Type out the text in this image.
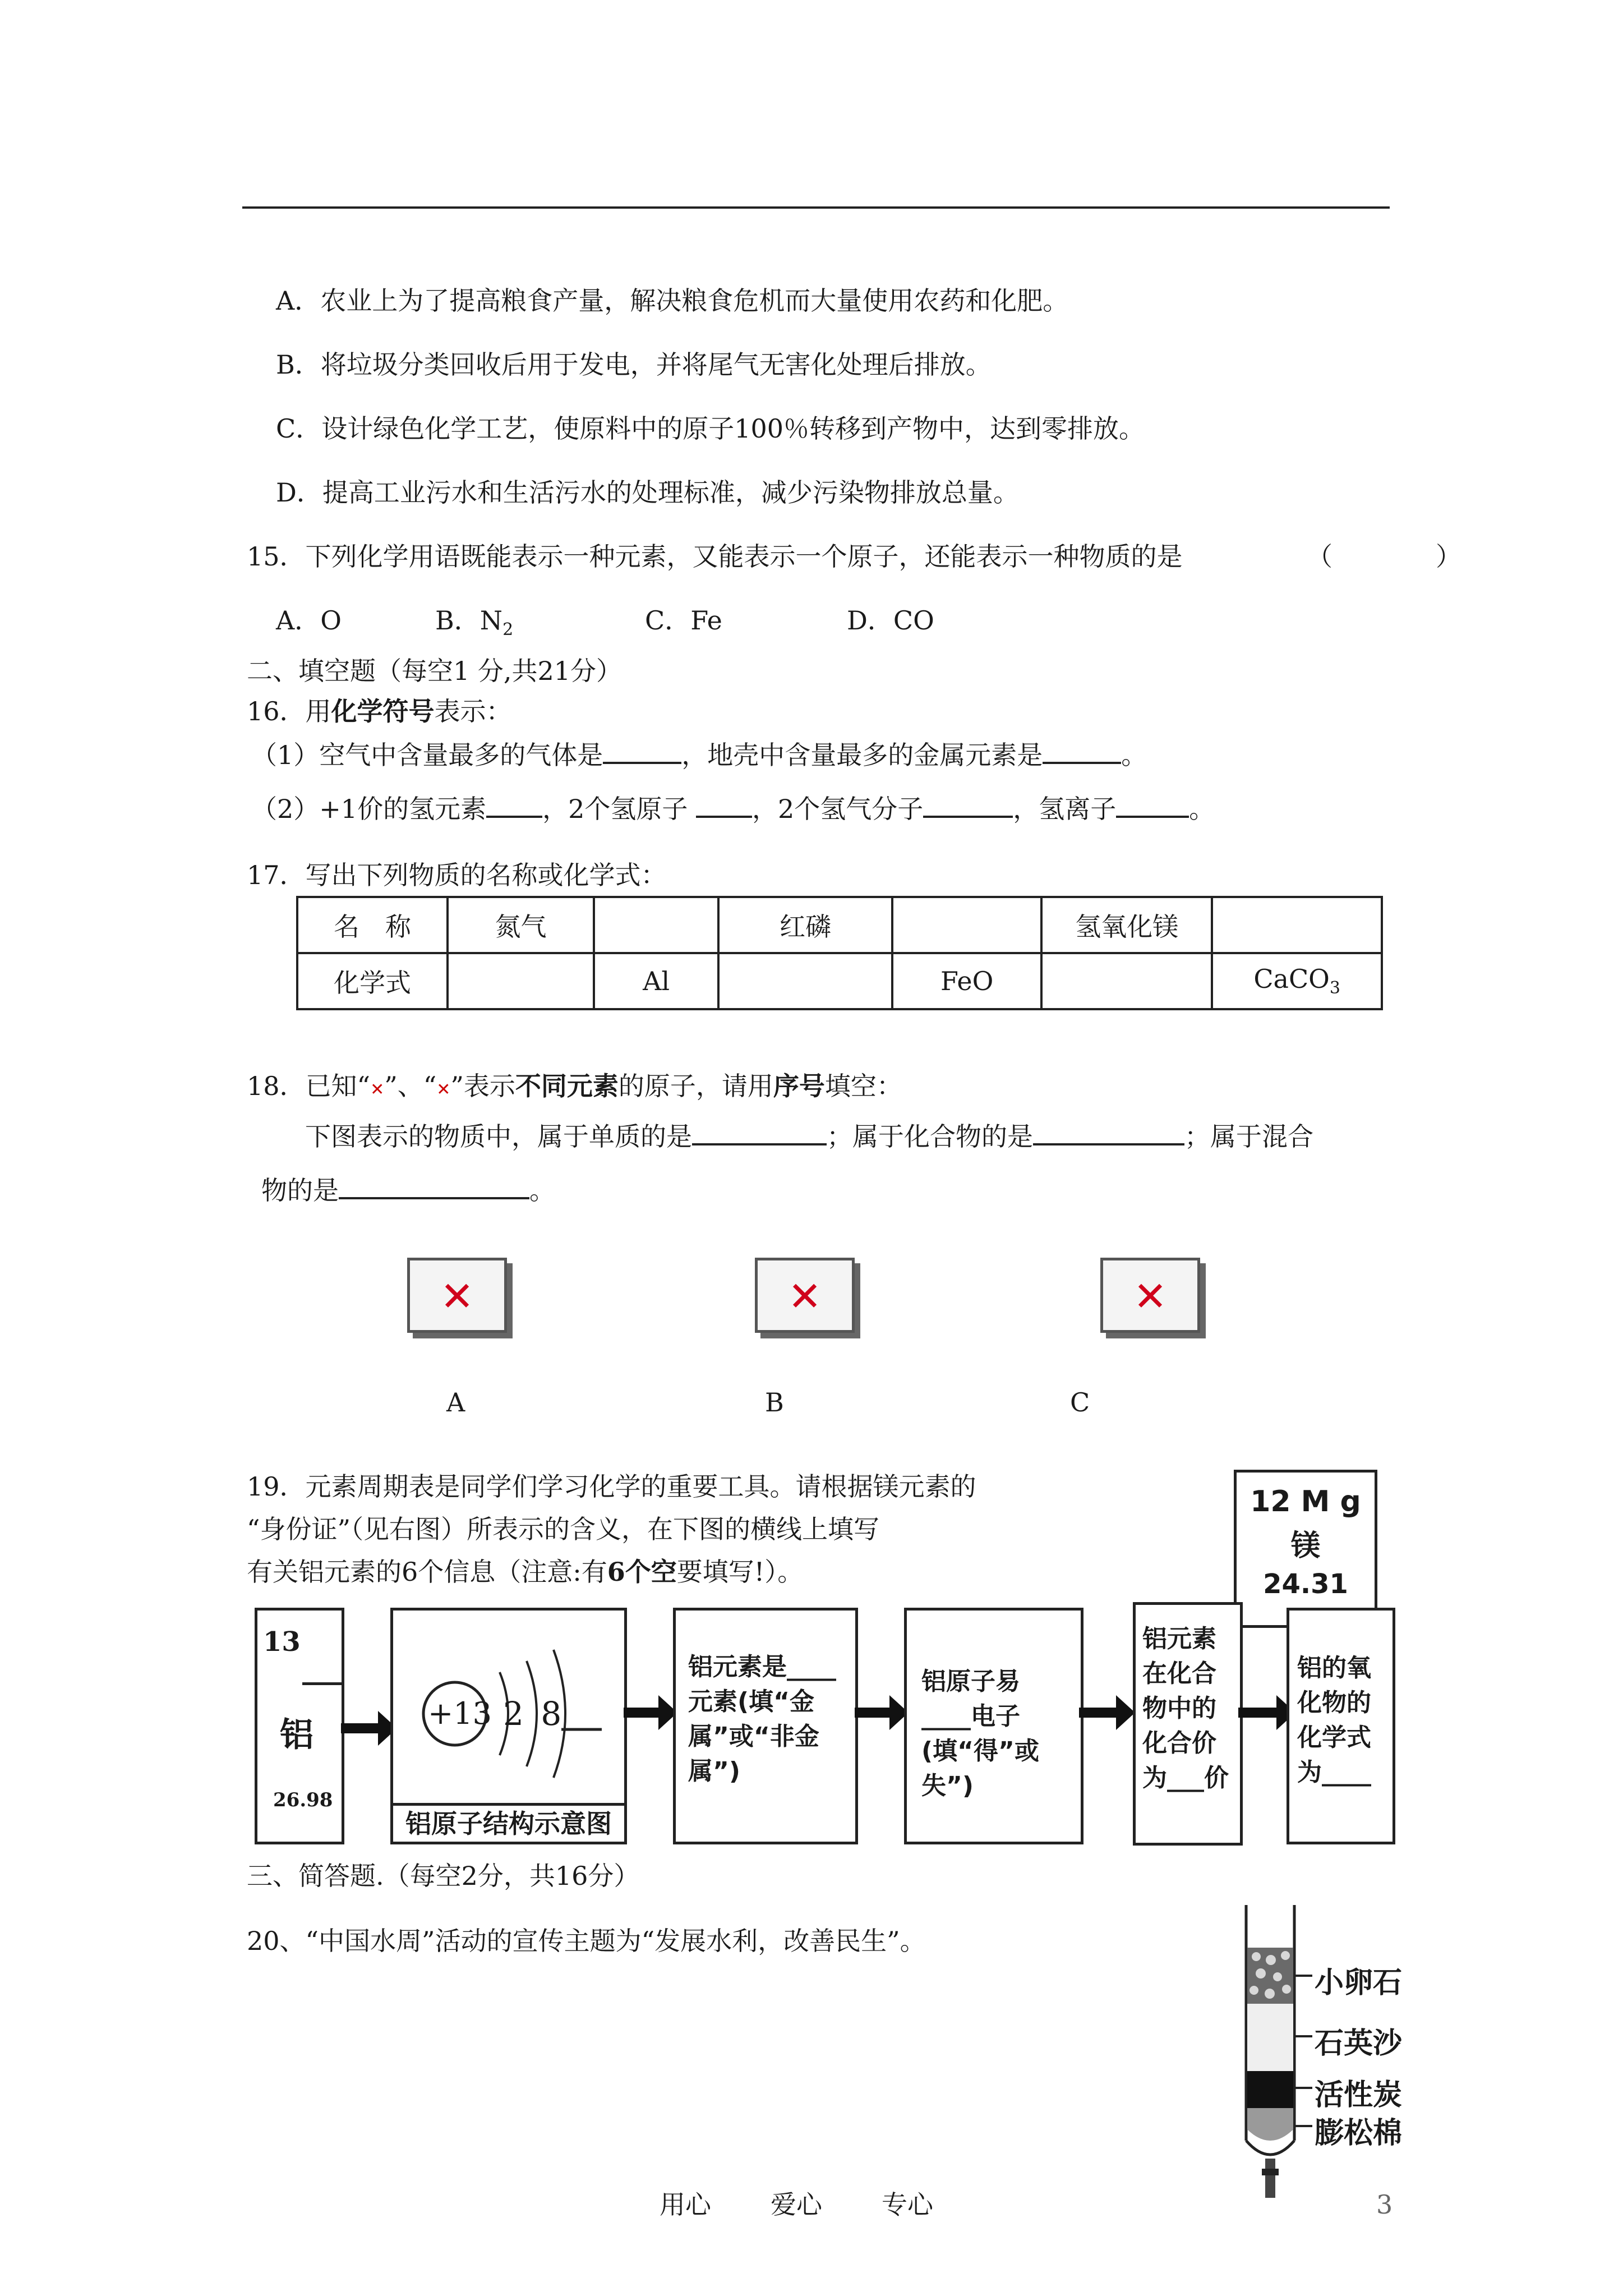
A．农业上为了提高粮食产量，解决粮食危机而大量使用农药和化肥。
B．将垃圾分类回收后用于发电，并将尾气无害化处理后排放。
C．设计绿色化学工艺，使原料中的原子100％转移到产物中，达到零排放。
D．提高工业污水和生活污水的处理标准，减少污染物排放总量。
15．下列化学用语既能表示一种元素，又能表示一个原子，还能表示一种物质的是	（　　　　）
A．O	B．$N_2$	C．Fe	D．CO
二、填空题（每空1 分,共21分）
16．用化学符号表示：
（1）空气中含量最多的气体是	，地壳中含量最多的金属元素是	。
（2）+1价的氢元素 ，2个氢原子 ，2个氢气分子	，氢离子	。
17．写出下列物质的名称或化学式：
名　称	氮气		红磷		氢氧化镁	
化学式		Al		FeO		CaCO$_3$
18．已知“✕”、“✕”表示不同元素的原子，请用序号填空：
下图表示的物质中，属于单质的是	；属于化合物的是	；属于混合
物的是	。
✕	✕	✕
A	B	C
19．元素周期表是同学们学习化学的重要工具。请根据镁元素的
“身份证”（见右图）所表示的含义，在下图的横线上填写
有关铝元素的6个信息（注意:有6个空要填写!）。
12 M g
镁
24.31
13
铝
26.98
+13 2 8
铝原子结构示意图
铝元素是____元素(填“金属”或“非金属”)
铝原子易____电子(填“得”或失”)
铝元素在化合物中的化合价为___价
铝的氧化物的化学式为____
三、简答题.（每空2分，共16分）
20、“中国水周”活动的宣传主题为“发展水利，改善民生”。
小卵石
石英沙
活性炭
膨松棉
用心 爱心 专心	3
